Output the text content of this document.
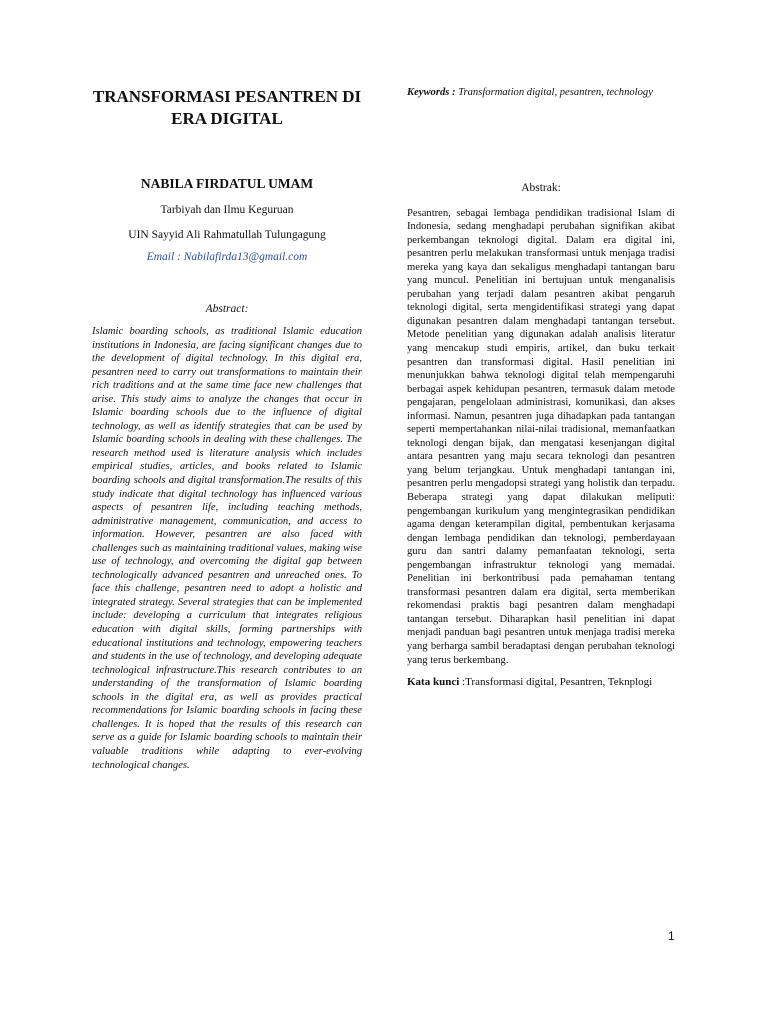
TRANSFORMASI PESANTREN DI ERA DIGITAL
NABILA FIRDATUL UMAM
Tarbiyah dan Ilmu Keguruan
UIN Sayyid Ali Rahmatullah Tulungagung
Email : Nabilafirda13@gmail.com
Abstract:
Islamic boarding schools, as traditional Islamic education institutions in Indonesia, are facing significant changes due to the development of digital technology. In this digital era, pesantren need to carry out transformations to maintain their rich traditions and at the same time face new challenges that arise. This study aims to analyze the changes that occur in Islamic boarding schools due to the influence of digital technology, as well as identify strategies that can be used by Islamic boarding schools in dealing with these challenges. The research method used is literature analysis which includes empirical studies, articles, and books related to Islamic boarding schools and digital transformation.The results of this study indicate that digital technology has influenced various aspects of pesantren life, including teaching methods, administrative management, communication, and access to information. However, pesantren are also faced with challenges such as maintaining traditional values, making wise use of technology, and overcoming the digital gap between technologically advanced pesantren and unreached ones. To face this challenge, pesantren need to adopt a holistic and integrated strategy. Several strategies that can be implemented include: developing a curriculum that integrates religious education with digital skills, forming partnerships with educational institutions and technology, empowering teachers and students in the use of technology, and developing adequate technological infrastructure.This research contributes to an understanding of the transformation of Islamic boarding schools in the digital era, as well as provides practical recommendations for Islamic boarding schools in facing these challenges. It is hoped that the results of this research can serve as a guide for Islamic boarding schools to maintain their valuable traditions while adapting to ever-evolving technological changes.
Keywords : Transformation digital, pesantren, technology
Abstrak:
Pesantren, sebagai lembaga pendidikan tradisional Islam di Indonesia, sedang menghadapi perubahan signifikan akibat perkembangan teknologi digital. Dalam era digital ini, pesantren perlu melakukan transformasi untuk menjaga tradisi mereka yang kaya dan sekaligus menghadapi tantangan baru yang muncul. Penelitian ini bertujuan untuk menganalisis perubahan yang terjadi dalam pesantren akibat pengaruh teknologi digital, serta mengidentifikasi strategi yang dapat digunakan pesantren dalam menghadapi tantangan tersebut. Metode penelitian yang digunakan adalah analisis literatur yang mencakup studi empiris, artikel, dan buku terkait pesantren dan transformasi digital. Hasil penelitian ini menunjukkan bahwa teknologi digital telah mempengaruhi berbagai aspek kehidupan pesantren, termasuk dalam metode pengajaran, pengelolaan administrasi, komunikasi, dan akses informasi. Namun, pesantren juga dihadapkan pada tantangan seperti mempertahankan nilai-nilai tradisional, memanfaatkan teknologi dengan bijak, dan mengatasi kesenjangan digital antara pesantren yang maju secara teknologi dan pesantren yang belum terjangkau. Untuk menghadapi tantangan ini, pesantren perlu mengadopsi strategi yang holistik dan terpadu. Beberapa strategi yang dapat dilakukan meliputi: pengembangan kurikulum yang mengintegrasikan pendidikan agama dengan keterampilan digital, pembentukan kerjasama dengan lembaga pendidikan dan teknologi, pemberdayaan guru dan santri dalamy pemanfaatan teknologi, serta pengembangan infrastruktur teknologi yang memadai. Penelitian ini berkontribusi pada pemahaman tentang transformasi pesantren dalam era digital, serta memberikan rekomendasi praktis bagi pesantren dalam menghadapi tantangan tersebut. Diharapkan hasil penelitian ini dapat menjadi panduan bagi pesantren untuk menjaga tradisi mereka yang berharga sambil beradaptasi dengan perubahan teknologi yang terus berkembang.
Kata kunci :Transformasi digital, Pesantren, Teknplogi
1
